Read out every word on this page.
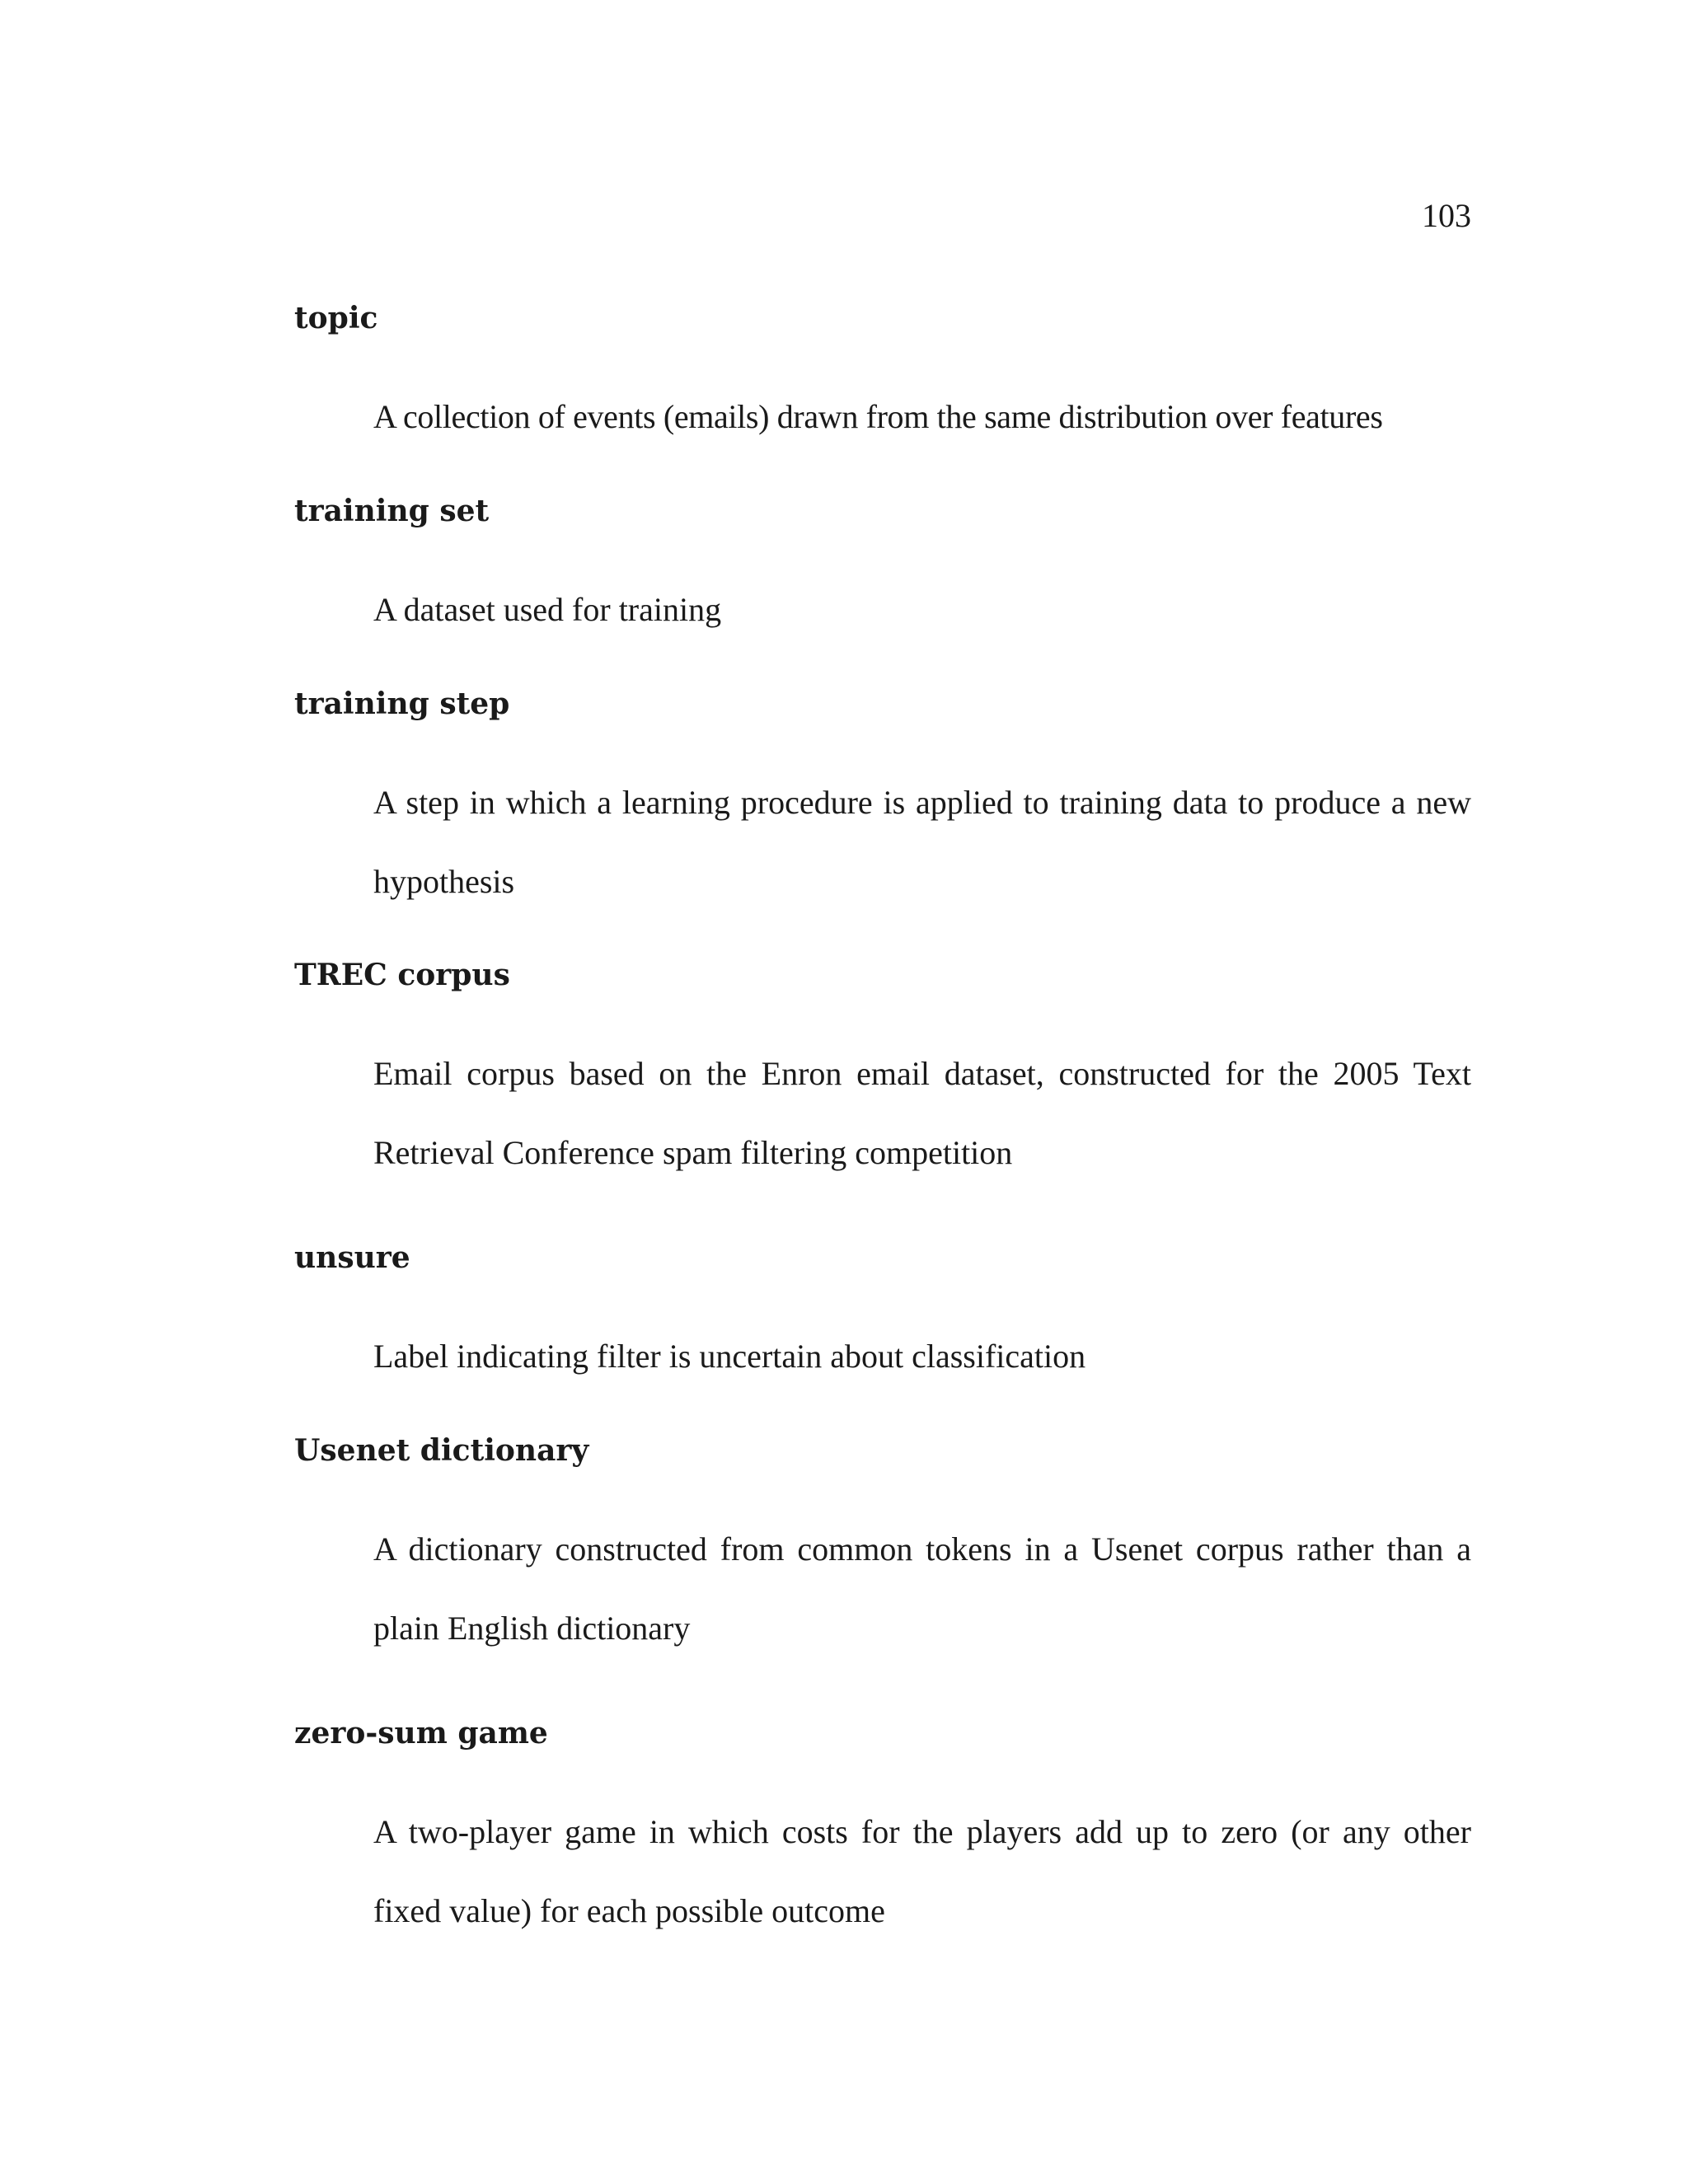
103

topic

A collection of events (emails) drawn from the same distribution over features

training set

A dataset used for training

training step

A step in which a learning procedure is applied to training data to produce a new hypothesis

TREC corpus

Email corpus based on the Enron email dataset, constructed for the 2005 Text Retrieval Conference spam filtering competition

unsure

Label indicating filter is uncertain about classification

Usenet dictionary

A dictionary constructed from common tokens in a Usenet corpus rather than a plain English dictionary

zero-sum game

A two-player game in which costs for the players add up to zero (or any other fixed value) for each possible outcome
